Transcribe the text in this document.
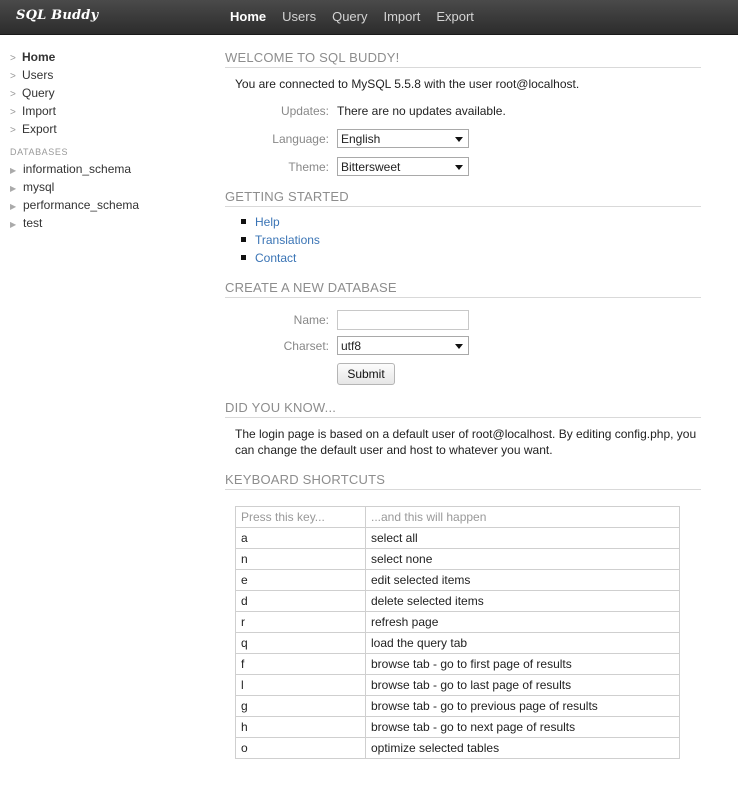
SQL Buddy	Home	Users	Query	Import	Export
> Home
> Users
> Query
> Import
> Export
DATABASES
▶ information_schema
▶ mysql
▶ performance_schema
▶ test
WELCOME TO SQL BUDDY!
You are connected to MySQL 5.5.8 with the user root@localhost.
Updates: There are no updates available.
Language:	English
Theme:	Bittersweet
GETTING STARTED
Help
Translations
Contact
CREATE A NEW DATABASE
Name:
Charset:	utf8
Submit
DID YOU KNOW...
The login page is based on a default user of root@localhost. By editing config.php, you can change the default user and host to whatever you want.
KEYBOARD SHORTCUTS
Press this key...	...and this will happen
a	select all
n	select none
e	edit selected items
d	delete selected items
r	refresh page
q	load the query tab
f	browse tab - go to first page of results
l	browse tab - go to last page of results
g	browse tab - go to previous page of results
h	browse tab - go to next page of results
o	optimize selected tables
